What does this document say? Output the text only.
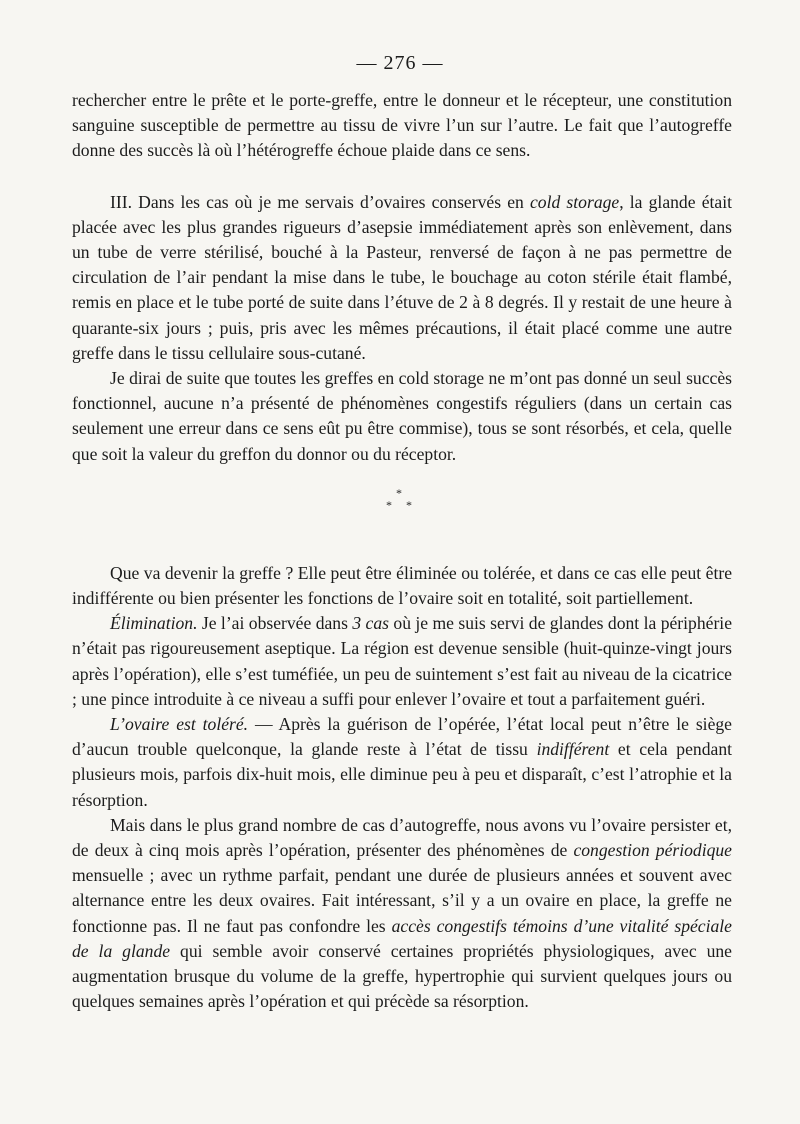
— 276 —

rechercher entre le prête et le porte-greffe, entre le donneur et le récepteur, une constitution sanguine susceptible de permettre au tissu de vivre l’un sur l’autre. Le fait que l’autogreffe donne des succès là où l’hétérogreffe échoue plaide dans ce sens.

III. Dans les cas où je me servais d’ovaires conservés en cold storage, la glande était placée avec les plus grandes rigueurs d’asepsie immédiatement après son enlèvement, dans un tube de verre stérilisé, bouché à la Pasteur, renversé de façon à ne pas permettre de circulation de l’air pendant la mise dans le tube, le bouchage au coton stérile était flambé, remis en place et le tube porté de suite dans l’étuve de 2 à 8 degrés. Il y restait de une heure à quarante-six jours ; puis, pris avec les mêmes précautions, il était placé comme une autre greffe dans le tissu cellulaire sous-cutané.

Je dirai de suite que toutes les greffes en cold storage ne m’ont pas donné un seul succès fonctionnel, aucune n’a présenté de phénomènes congestifs réguliers (dans un certain cas seulement une erreur dans ce sens eût pu être commise), tous se sont résorbés, et cela, quelle que soit la valeur du greffon du donnor ou du réceptor.

*
* *

Que va devenir la greffe ? Elle peut être éliminée ou tolérée, et dans ce cas elle peut être indifférente ou bien présenter les fonctions de l’ovaire soit en totalité, soit partiellement.

Élimination. Je l’ai observée dans 3 cas où je me suis servi de glandes dont la périphérie n’était pas rigoureusement aseptique. La région est devenue sensible (huit-quinze-vingt jours après l’opération), elle s’est tuméfiée, un peu de suintement s’est fait au niveau de la cicatrice ; une pince introduite à ce niveau a suffi pour enlever l’ovaire et tout a parfaitement guéri.

L’ovaire est toléré. — Après la guérison de l’opérée, l’état local peut n’être le siège d’aucun trouble quelconque, la glande reste à l’état de tissu indifférent et cela pendant plusieurs mois, parfois dix-huit mois, elle diminue peu à peu et disparaît, c’est l’atrophie et la résorption.

Mais dans le plus grand nombre de cas d’autogreffe, nous avons vu l’ovaire persister et, de deux à cinq mois après l’opération, présenter des phénomènes de congestion périodique mensuelle ; avec un rythme parfait, pendant une durée de plusieurs années et souvent avec alternance entre les deux ovaires. Fait intéressant, s’il y a un ovaire en place, la greffe ne fonctionne pas. Il ne faut pas confondre les accès congestifs témoins d’une vitalité spéciale de la glande qui semble avoir conservé certaines propriétés physiologiques, avec une augmentation brusque du volume de la greffe, hypertrophie qui survient quelques jours ou quelques semaines après l’opération et qui précède sa résorption.
